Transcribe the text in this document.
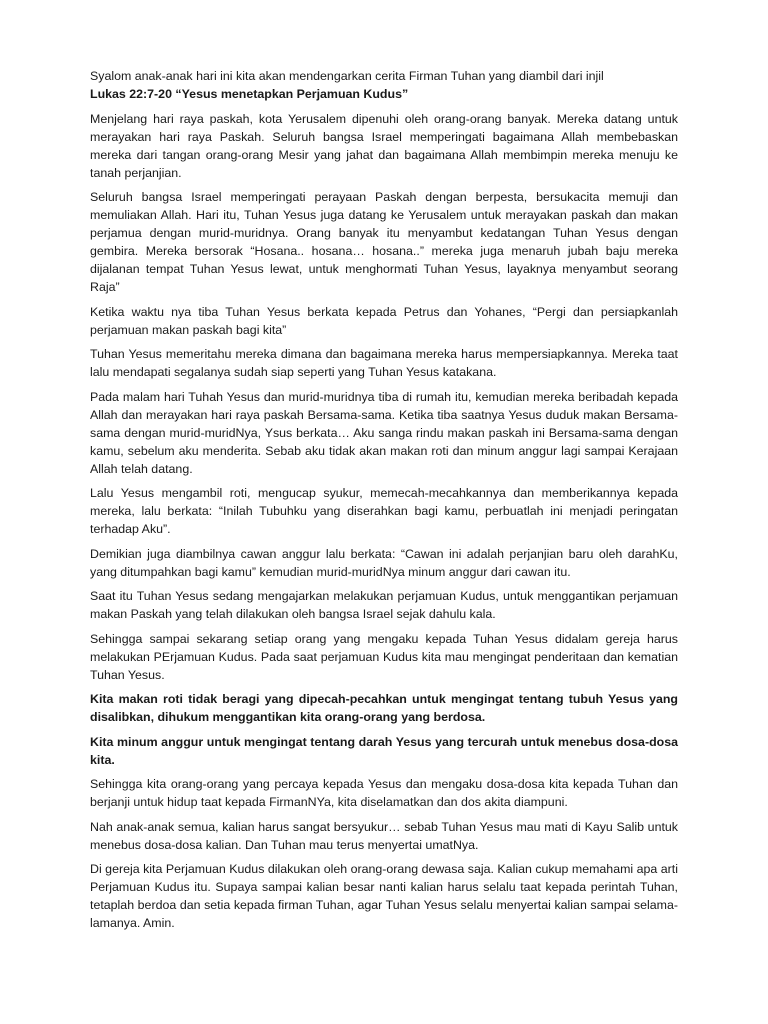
Syalom anak-anak hari ini kita akan mendengarkan cerita Firman Tuhan yang diambil dari injil
Lukas 22:7-20 “Yesus menetapkan Perjamuan Kudus”

Menjelang hari raya paskah, kota Yerusalem dipenuhi oleh orang-orang banyak. Mereka datang untuk merayakan hari raya Paskah. Seluruh bangsa Israel memperingati bagaimana Allah membebaskan mereka dari tangan orang-orang Mesir yang jahat dan bagaimana Allah membimpin mereka menuju ke tanah perjanjian.

Seluruh bangsa Israel memperingati perayaan Paskah dengan berpesta, bersukacita memuji dan memuliakan Allah. Hari itu, Tuhan Yesus juga datang ke Yerusalem untuk merayakan paskah dan makan perjamua dengan murid-muridnya. Orang banyak itu menyambut kedatangan Tuhan Yesus dengan gembira. Mereka bersorak “Hosana.. hosana… hosana..” mereka juga menaruh jubah baju mereka dijalanan tempat Tuhan Yesus lewat, untuk menghormati Tuhan Yesus, layaknya menyambut seorang Raja”

Ketika waktu nya tiba Tuhan Yesus berkata kepada Petrus dan Yohanes, “Pergi dan persiapkanlah perjamuan makan paskah bagi kita”

Tuhan Yesus memeritahu mereka dimana dan bagaimana mereka harus mempersiapkannya. Mereka taat lalu mendapati segalanya sudah siap seperti yang Tuhan Yesus katakana.

Pada malam hari Tuhah Yesus dan murid-muridnya tiba di rumah itu, kemudian mereka beribadah kepada Allah dan merayakan hari raya paskah Bersama-sama. Ketika tiba saatnya Yesus duduk makan Bersama-sama dengan murid-muridNya, Ysus berkata… Aku sanga rindu makan paskah ini Bersama-sama dengan kamu, sebelum aku menderita. Sebab aku tidak akan makan roti dan minum anggur lagi sampai Kerajaan Allah telah datang.

Lalu Yesus mengambil roti, mengucap syukur, memecah-mecahkannya dan memberikannya kepada mereka, lalu berkata: “Inilah Tubuhku yang diserahkan bagi kamu, perbuatlah ini menjadi peringatan terhadap Aku”.

Demikian juga diambilnya cawan anggur lalu berkata: “Cawan ini adalah perjanjian baru oleh darahKu, yang ditumpahkan bagi kamu” kemudian murid-muridNya minum anggur dari cawan itu.

Saat itu Tuhan Yesus sedang mengajarkan melakukan perjamuan Kudus, untuk menggantikan perjamuan makan Paskah yang telah dilakukan oleh bangsa Israel sejak dahulu kala.

Sehingga sampai sekarang setiap orang yang mengaku kepada Tuhan Yesus didalam gereja harus melakukan PErjamuan Kudus. Pada saat perjamuan Kudus kita mau mengingat penderitaan dan kematian Tuhan Yesus.

Kita makan roti tidak beragi yang dipecah-pecahkan untuk mengingat tentang tubuh Yesus yang disalibkan, dihukum menggantikan kita orang-orang yang berdosa.

Kita minum anggur untuk mengingat tentang darah Yesus yang tercurah untuk menebus dosa-dosa kita.

Sehingga kita orang-orang yang percaya kepada Yesus dan mengaku dosa-dosa kita kepada Tuhan dan berjanji untuk hidup taat kepada FirmanNYa, kita diselamatkan dan dos akita diampuni.

Nah anak-anak semua, kalian harus sangat bersyukur… sebab Tuhan Yesus mau mati di Kayu Salib untuk menebus dosa-dosa kalian. Dan Tuhan mau terus menyertai umatNya.

Di gereja kita Perjamuan Kudus dilakukan oleh orang-orang dewasa saja. Kalian cukup memahami apa arti Perjamuan Kudus itu. Supaya sampai kalian besar nanti kalian harus selalu taat kepada perintah Tuhan, tetaplah berdoa dan setia kepada firman Tuhan, agar Tuhan Yesus selalu menyertai kalian sampai selama-lamanya. Amin.
